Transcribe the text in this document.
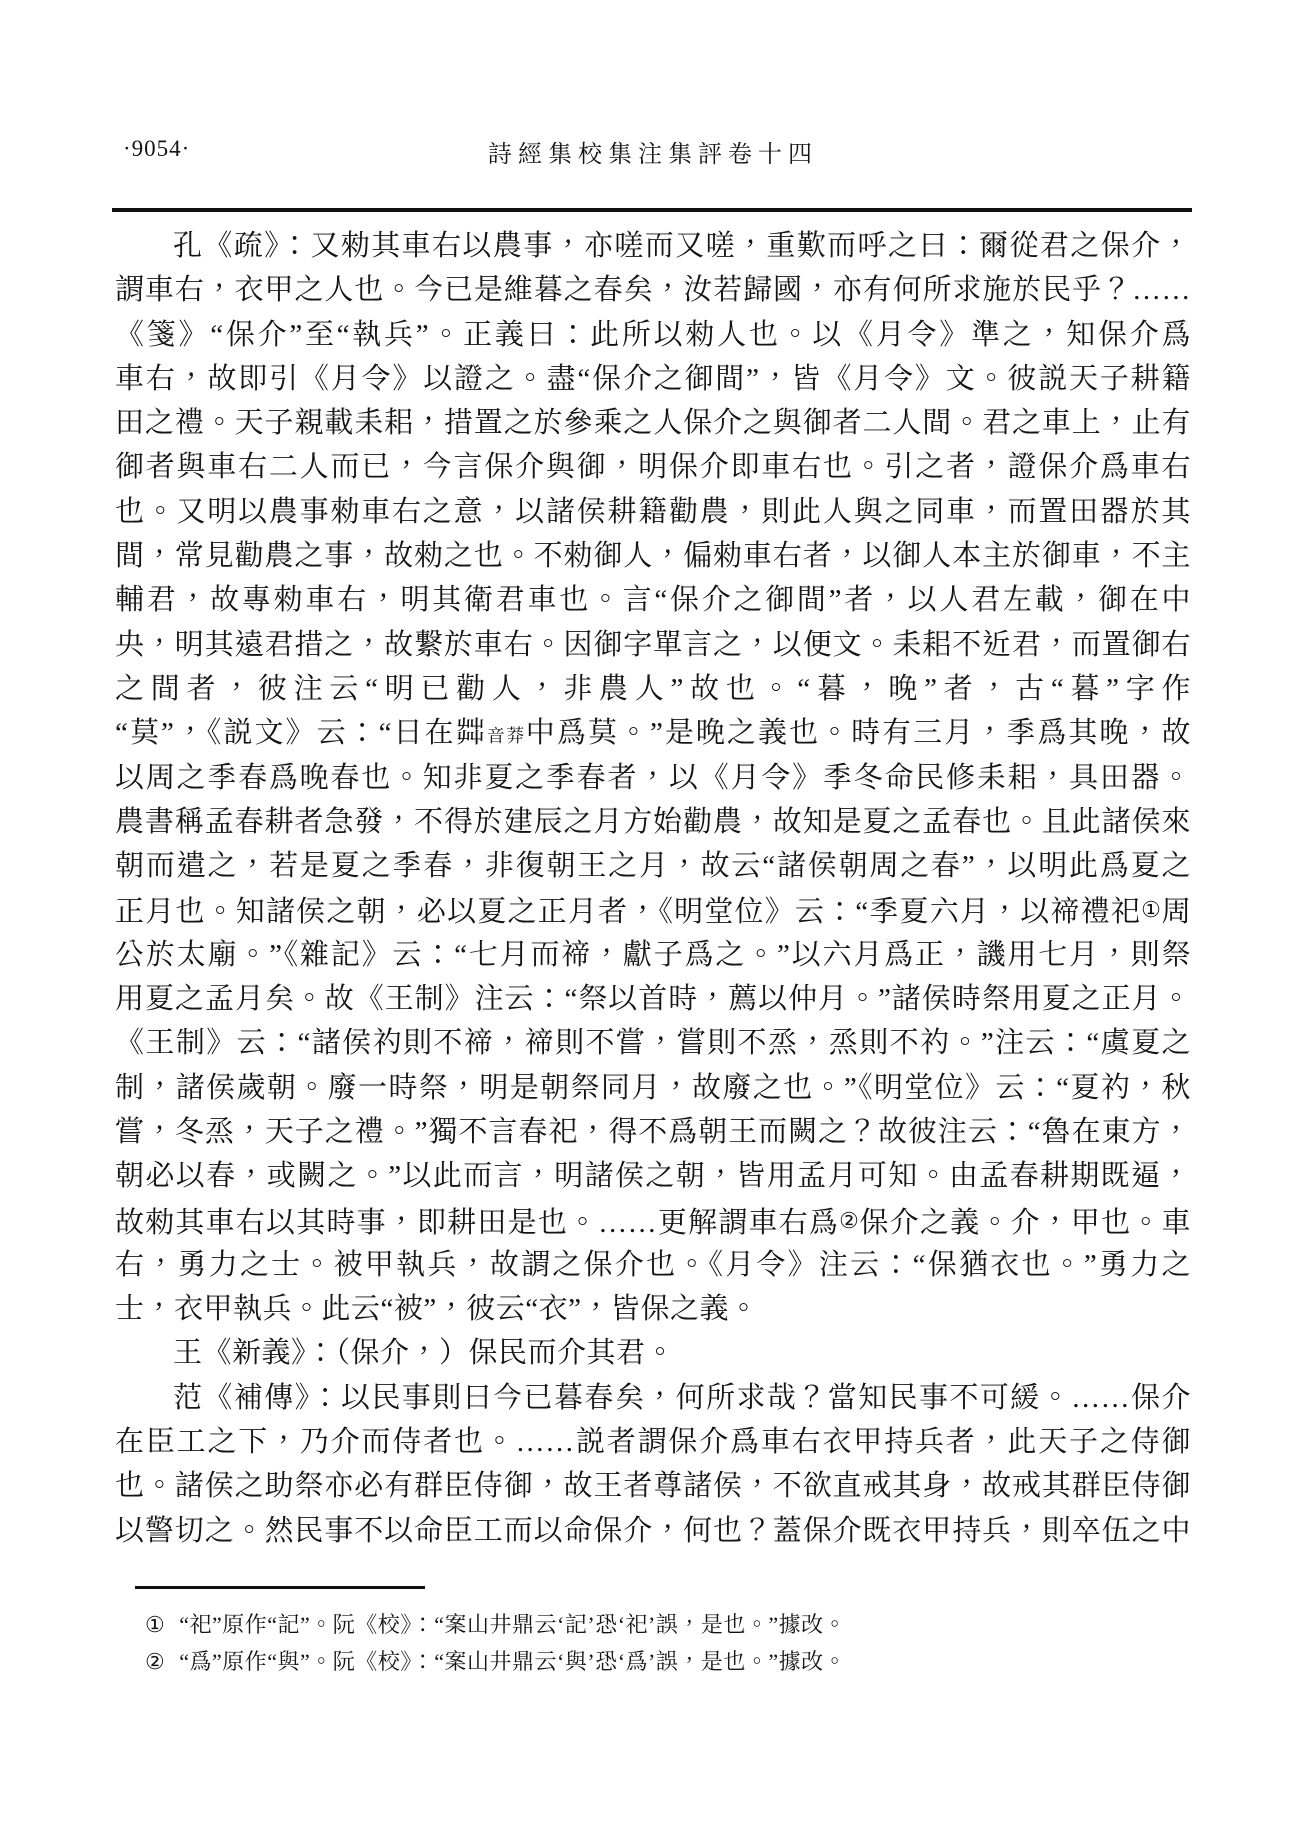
·9054·	詩經集校集注集評卷十四
孔《疏》：又勑其車右以農事，亦嗟而又嗟，重歎而呼之曰：爾從君之保介，
謂車右，衣甲之人也。今已是維暮之春矣，汝若歸國，亦有何所求施於民乎？……
《箋》“保介”至“執兵”。正義曰：此所以勑人也。以《月令》準之，知保介爲
車右，故即引《月令》以證之。盡“保介之御間”，皆《月令》文。彼説天子耕籍
田之禮。天子親載耒耜，措置之於參乘之人保介之與御者二人間。君之車上，止有
御者與車右二人而已，今言保介與御，明保介即車右也。引之者，證保介爲車右
也。又明以農事勑車右之意，以諸侯耕籍勸農，則此人與之同車，而置田器於其
間，常見勸農之事，故勑之也。不勑御人，偏勑車右者，以御人本主於御車，不主
輔君，故專勑車右，明其衛君車也。言“保介之御間”者，以人君左載，御在中
央，明其遠君措之，故繋於車右。因御字單言之，以便文。耒耜不近君，而置御右
之間者，彼注云“明已勸人，非農人”故也。“暮，晚”者，古“暮”字作
“莫”，《説文》云：“日在茻音莽中爲莫。”是晚之義也。時有三月，季爲其晚，故
以周之季春爲晚春也。知非夏之季春者，以《月令》季冬命民修耒耜，具田器。
農書稱孟春耕者急發，不得於建辰之月方始勸農，故知是夏之孟春也。且此諸侯來
朝而遣之，若是夏之季春，非復朝王之月，故云“諸侯朝周之春”，以明此爲夏之
正月也。知諸侯之朝，必以夏之正月者，《明堂位》云：“季夏六月，以禘禮祀①周
公於太廟。”《雜記》云：“七月而禘，獻子爲之。”以六月爲正，譏用七月，則祭
用夏之孟月矣。故《王制》注云：“祭以首時，薦以仲月。”諸侯時祭用夏之正月。
《王制》云：“諸侯礿則不禘，禘則不嘗，嘗則不烝，烝則不礿。”注云：“虞夏之
制，諸侯歲朝。廢一時祭，明是朝祭同月，故廢之也。”《明堂位》云：“夏礿，秋
嘗，冬烝，天子之禮。”獨不言春祀，得不爲朝王而闕之？故彼注云：“魯在東方，
朝必以春，或闕之。”以此而言，明諸侯之朝，皆用孟月可知。由孟春耕期既逼，
故勑其車右以其時事，即耕田是也。……更解謂車右爲②保介之義。介，甲也。車
右，勇力之士。被甲執兵，故謂之保介也。《月令》注云：“保猶衣也。”勇力之
士，衣甲執兵。此云“被”，彼云“衣”，皆保之義。
王《新義》：（保介，）保民而介其君。
范《補傳》：以民事則曰今已暮春矣，何所求哉？當知民事不可緩。……保介
在臣工之下，乃介而侍者也。……説者謂保介爲車右衣甲持兵者，此天子之侍御
也。諸侯之助祭亦必有群臣侍御，故王者尊諸侯，不欲直戒其身，故戒其群臣侍御
以警切之。然民事不以命臣工而以命保介，何也？蓋保介既衣甲持兵，則卒伍之中
① “祀”原作“記”。阮《校》：“案山井鼎云‘記’恐‘祀’誤，是也。”據改。
② “爲”原作“與”。阮《校》：“案山井鼎云‘與’恐‘爲’誤，是也。”據改。
